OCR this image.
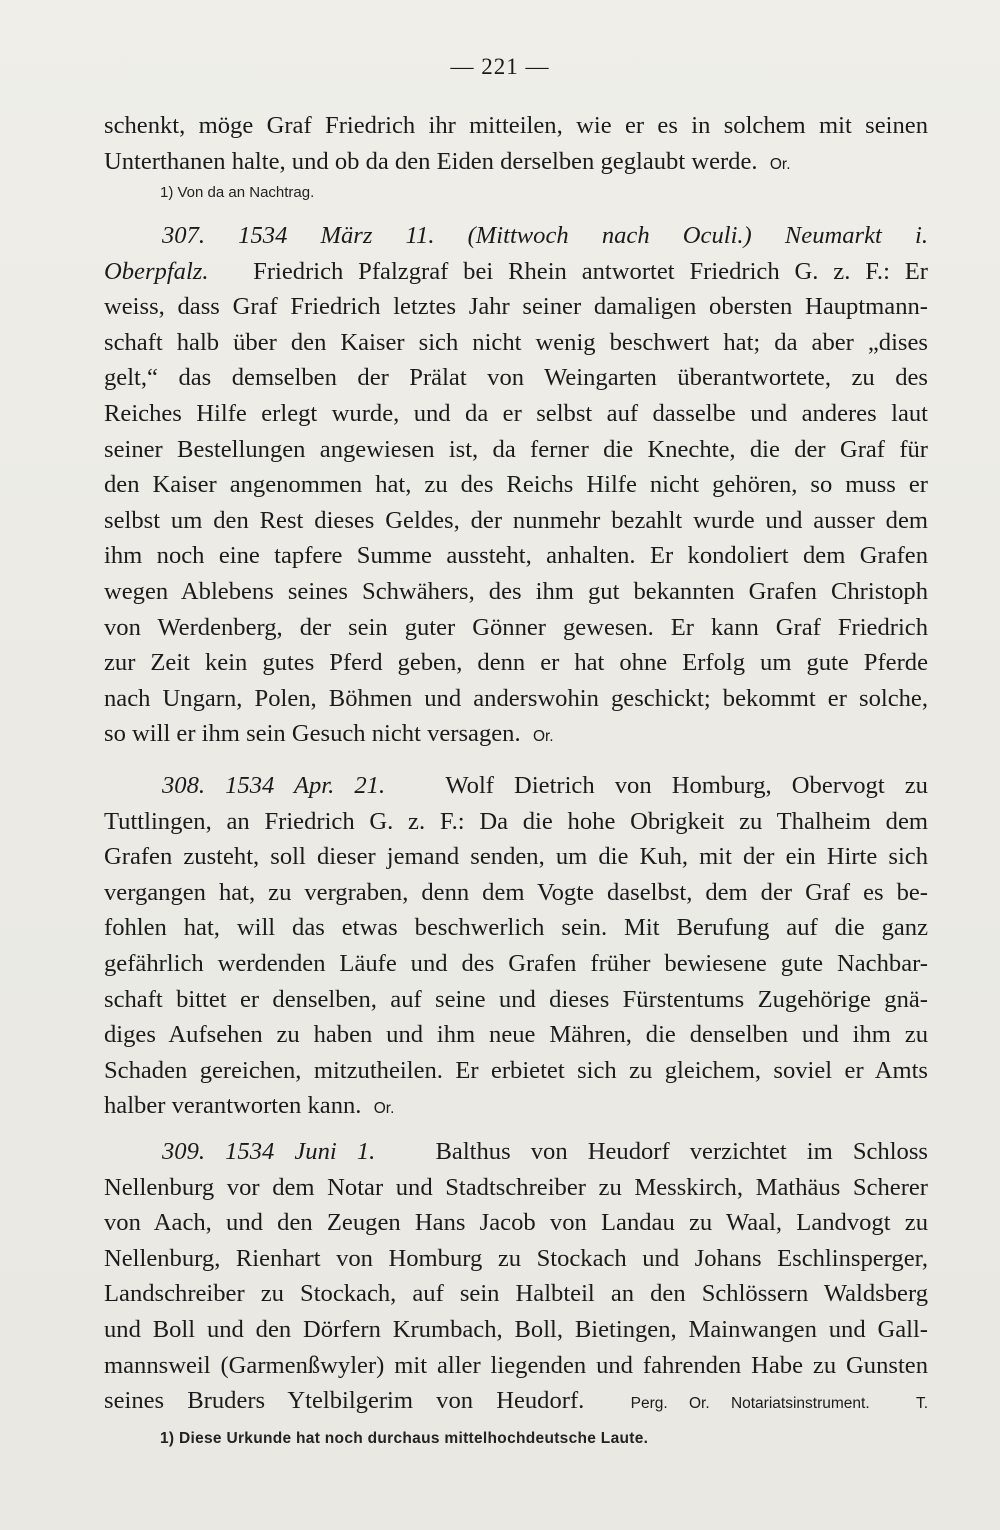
— 221 —
schenkt, möge Graf Friedrich ihr mitteilen, wie er es in solchem mit seinen
Unterthanen halte, und ob da den Eiden derselben geglaubt werde. Or.
1) Von da an Nachtrag.
307. 1534 März 11. (Mittwoch nach Oculi.) Neumarkt i.
Oberpfalz. Friedrich Pfalzgraf bei Rhein antwortet Friedrich G. z. F.: Er
weiss, dass Graf Friedrich letztes Jahr seiner damaligen obersten Hauptmann-
schaft halb über den Kaiser sich nicht wenig beschwert hat; da aber „dises
gelt,“ das demselben der Prälat von Weingarten überantwortete, zu des
Reiches Hilfe erlegt wurde, und da er selbst auf dasselbe und anderes laut
seiner Bestellungen angewiesen ist, da ferner die Knechte, die der Graf für
den Kaiser angenommen hat, zu des Reichs Hilfe nicht gehören, so muss er
selbst um den Rest dieses Geldes, der nunmehr bezahlt wurde und ausser dem
ihm noch eine tapfere Summe aussteht, anhalten. Er kondoliert dem Grafen
wegen Ablebens seines Schwähers, des ihm gut bekannten Grafen Christoph
von Werdenberg, der sein guter Gönner gewesen. Er kann Graf Friedrich
zur Zeit kein gutes Pferd geben, denn er hat ohne Erfolg um gute Pferde
nach Ungarn, Polen, Böhmen und anderswohin geschickt; bekommt er solche,
so will er ihm sein Gesuch nicht versagen. Or.
308. 1534 Apr. 21. Wolf Dietrich von Homburg, Obervogt zu
Tuttlingen, an Friedrich G. z. F.: Da die hohe Obrigkeit zu Thalheim dem
Grafen zusteht, soll dieser jemand senden, um die Kuh, mit der ein Hirte sich
vergangen hat, zu vergraben, denn dem Vogte daselbst, dem der Graf es be-
fohlen hat, will das etwas beschwerlich sein. Mit Berufung auf die ganz
gefährlich werdenden Läufe und des Grafen früher bewiesene gute Nachbar-
schaft bittet er denselben, auf seine und dieses Fürstentums Zugehörige gnä-
diges Aufsehen zu haben und ihm neue Mähren, die denselben und ihm zu
Schaden gereichen, mitzutheilen. Er erbietet sich zu gleichem, soviel er Amts
halber verantworten kann. Or.
309. 1534 Juni 1. Balthus von Heudorf verzichtet im Schloss
Nellenburg vor dem Notar und Stadtschreiber zu Messkirch, Mathäus Scherer
von Aach, und den Zeugen Hans Jacob von Landau zu Waal, Landvogt zu
Nellenburg, Rienhart von Homburg zu Stockach und Johans Eschlinsperger,
Landschreiber zu Stockach, auf sein Halbteil an den Schlössern Waldsberg
und Boll und den Dörfern Krumbach, Boll, Bietingen, Mainwangen und Gall-
mannsweil (Garmenßwyler) mit aller liegenden und fahrenden Habe zu Gunsten
seines Bruders Ytelbilgerim von Heudorf.	Perg. Or. Notariatsinstrument.	T.
1) Diese Urkunde hat noch durchaus mittelhochdeutsche Laute.
